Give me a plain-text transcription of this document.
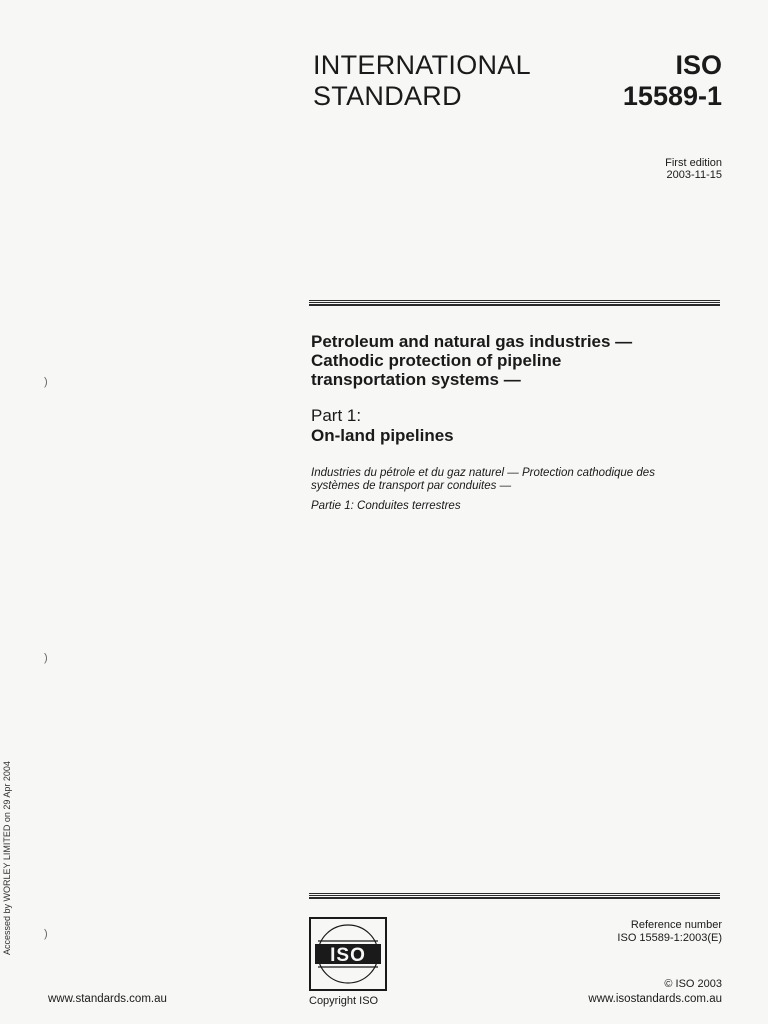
INTERNATIONAL
STANDARD
ISO
15589-1
First edition
2003-11-15
Petroleum and natural gas industries —
Cathodic protection of pipeline
transportation systems —
Part 1:
On-land pipelines
Industries du pétrole et du gaz naturel — Protection cathodique des
systèmes de transport par conduites —
Partie 1: Conduites terrestres
Accessed by WORLEY LIMITED on 29 Apr 2004
)
)
)
Reference number
ISO 15589-1:2003(E)
ISO
Copyright ISO
© ISO 2003
www.standards.com.au	www.isostandards.com.au
